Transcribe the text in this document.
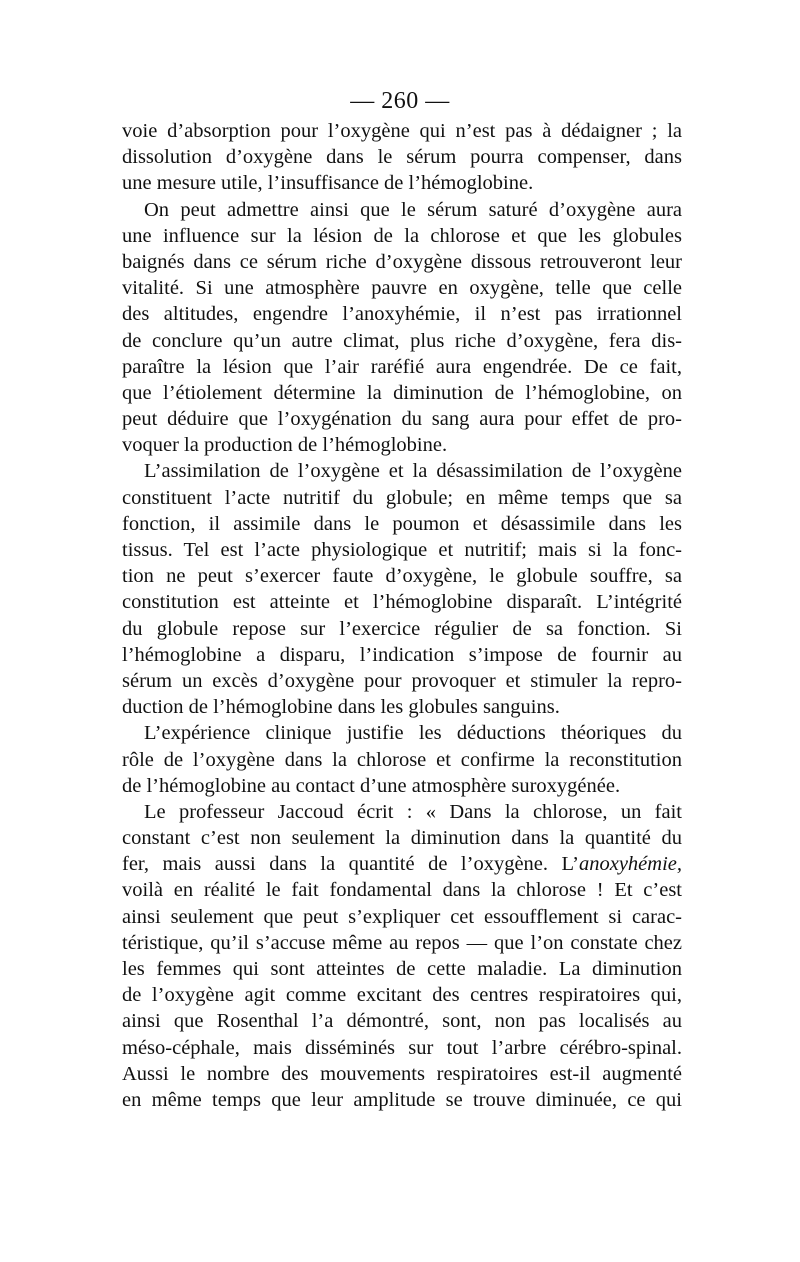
— 260 —
voie d’absorption pour l’oxygène qui n’est pas à dédaigner ; la
dissolution d’oxygène dans le sérum pourra compenser, dans
une mesure utile, l’insuffisance de l’hémoglobine.
On peut admettre ainsi que le sérum saturé d’oxygène aura
une influence sur la lésion de la chlorose et que les globules
baignés dans ce sérum riche d’oxygène dissous retrouveront leur
vitalité. Si une atmosphère pauvre en oxygène, telle que celle
des altitudes, engendre l’anoxyhémie, il n’est pas irrationnel
de conclure qu’un autre climat, plus riche d’oxygène, fera dis-
paraître la lésion que l’air raréfié aura engendrée. De ce fait,
que l’étiolement détermine la diminution de l’hémoglobine, on
peut déduire que l’oxygénation du sang aura pour effet de pro-
voquer la production de l’hémoglobine.
L’assimilation de l’oxygène et la désassimilation de l’oxygène
constituent l’acte nutritif du globule; en même temps que sa
fonction, il assimile dans le poumon et désassimile dans les
tissus. Tel est l’acte physiologique et nutritif; mais si la fonc-
tion ne peut s’exercer faute d’oxygène, le globule souffre, sa
constitution est atteinte et l’hémoglobine disparaît. L’intégrité
du globule repose sur l’exercice régulier de sa fonction. Si
l’hémoglobine a disparu, l’indication s’impose de fournir au
sérum un excès d’oxygène pour provoquer et stimuler la repro-
duction de l’hémoglobine dans les globules sanguins.
L’expérience clinique justifie les déductions théoriques du
rôle de l’oxygène dans la chlorose et confirme la reconstitution
de l’hémoglobine au contact d’une atmosphère suroxygénée.
Le professeur Jaccoud écrit : « Dans la chlorose, un fait
constant c’est non seulement la diminution dans la quantité du
fer, mais aussi dans la quantité de l’oxygène. L’anoxyhémie,
voilà en réalité le fait fondamental dans la chlorose ! Et c’est
ainsi seulement que peut s’expliquer cet essoufflement si carac-
téristique, qu’il s’accuse même au repos — que l’on constate chez
les femmes qui sont atteintes de cette maladie. La diminution
de l’oxygène agit comme excitant des centres respiratoires qui,
ainsi que Rosenthal l’a démontré, sont, non pas localisés au
méso-céphale, mais disséminés sur tout l’arbre cérébro-spinal.
Aussi le nombre des mouvements respiratoires est-il augmenté
en même temps que leur amplitude se trouve diminuée, ce qui
